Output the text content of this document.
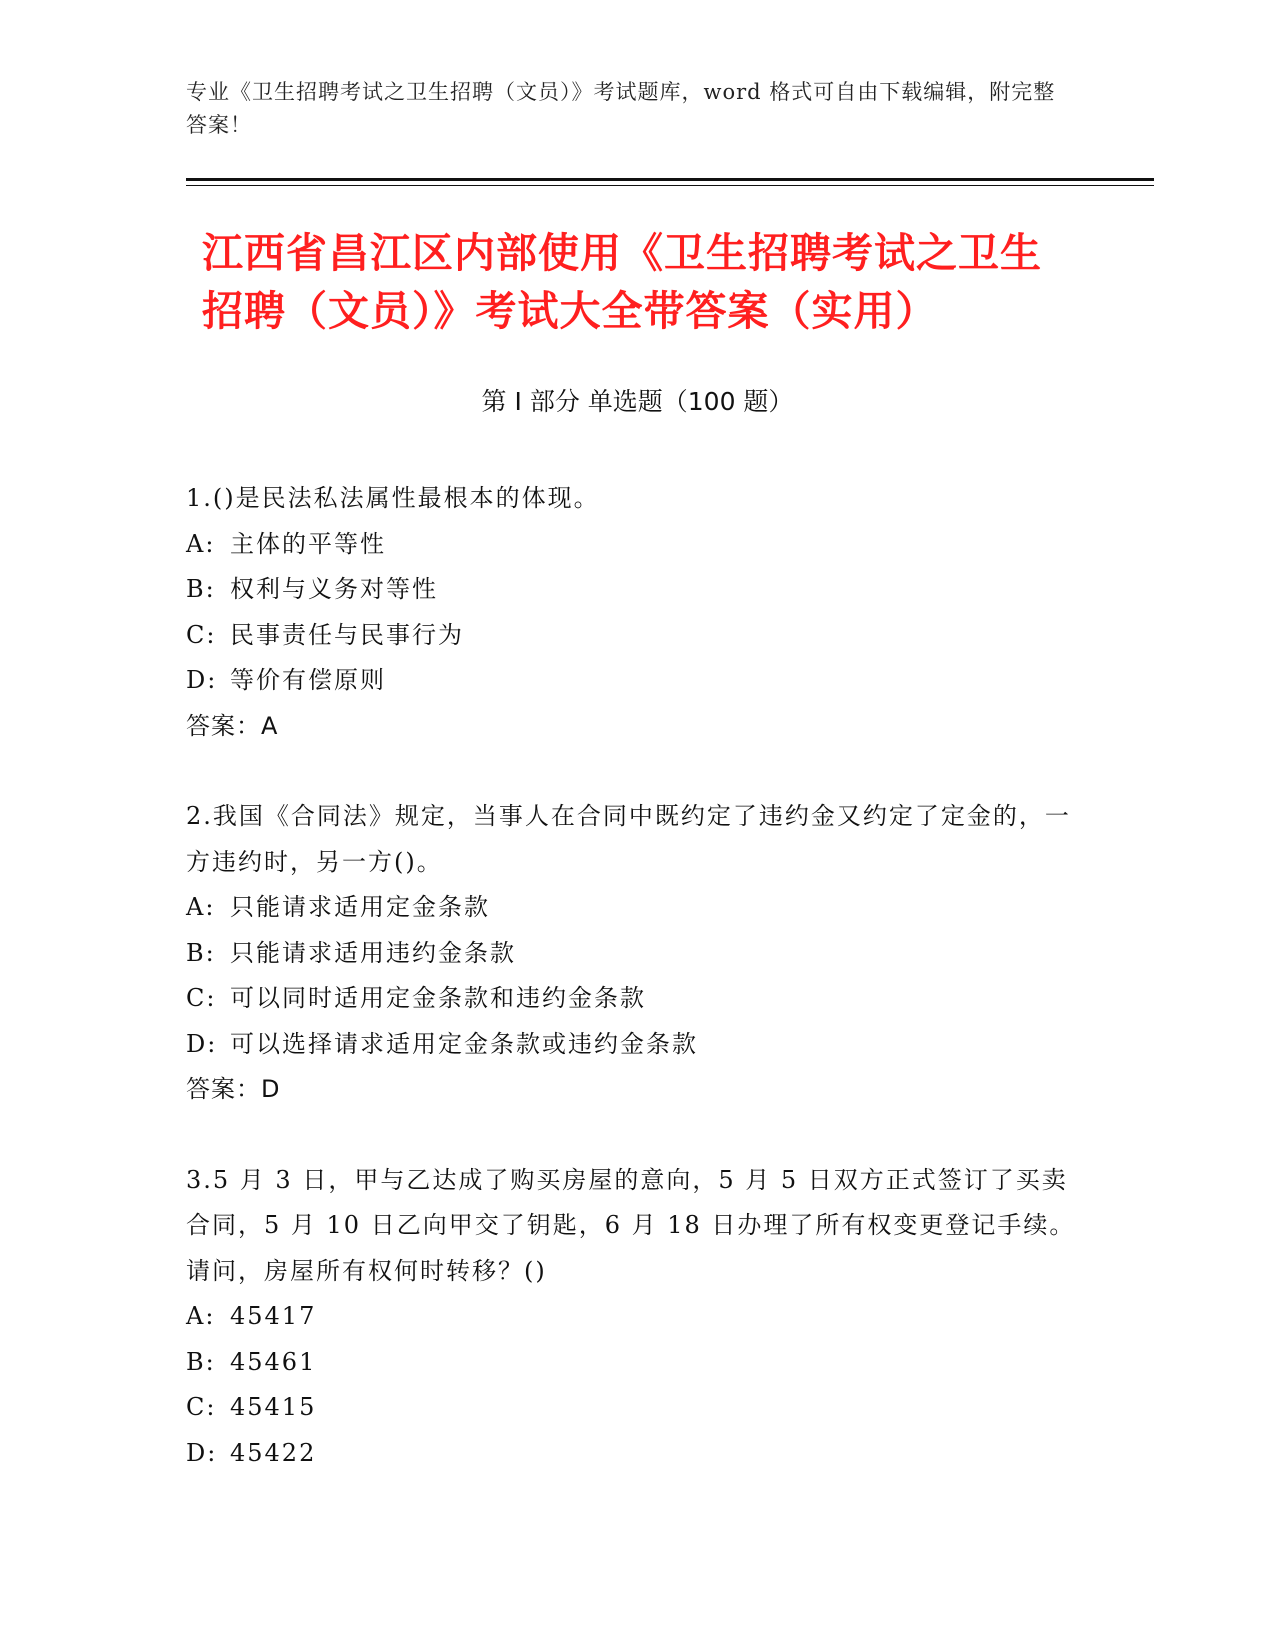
专业《卫生招聘考试之卫生招聘（文员）》考试题库，word 格式可自由下载编辑，附完整答案！
江西省昌江区内部使用《卫生招聘考试之卫生招聘（文员）》考试大全带答案（实用）
第 I 部分 单选题（100 题）

1.()是民法私法属性最根本的体现。

A: 主体的平等性

B: 权利与义务对等性

C: 民事责任与民事行为

D: 等价有偿原则

答案：A

2.我国《合同法》规定，当事人在合同中既约定了违约金又约定了定金的，一方违约时，另一方()。

A: 只能请求适用定金条款

B: 只能请求适用违约金条款

C: 可以同时适用定金条款和违约金条款

D: 可以选择请求适用定金条款或违约金条款

答案：D

3.5 月 3 日，甲与乙达成了购买房屋的意向，5 月 5 日双方正式签订了买卖合同，5 月 10 日乙向甲交了钥匙，6 月 18 日办理了所有权变更登记手续。请问，房屋所有权何时转移？()

A: 45417

B: 45461

C: 45415

D: 45422
